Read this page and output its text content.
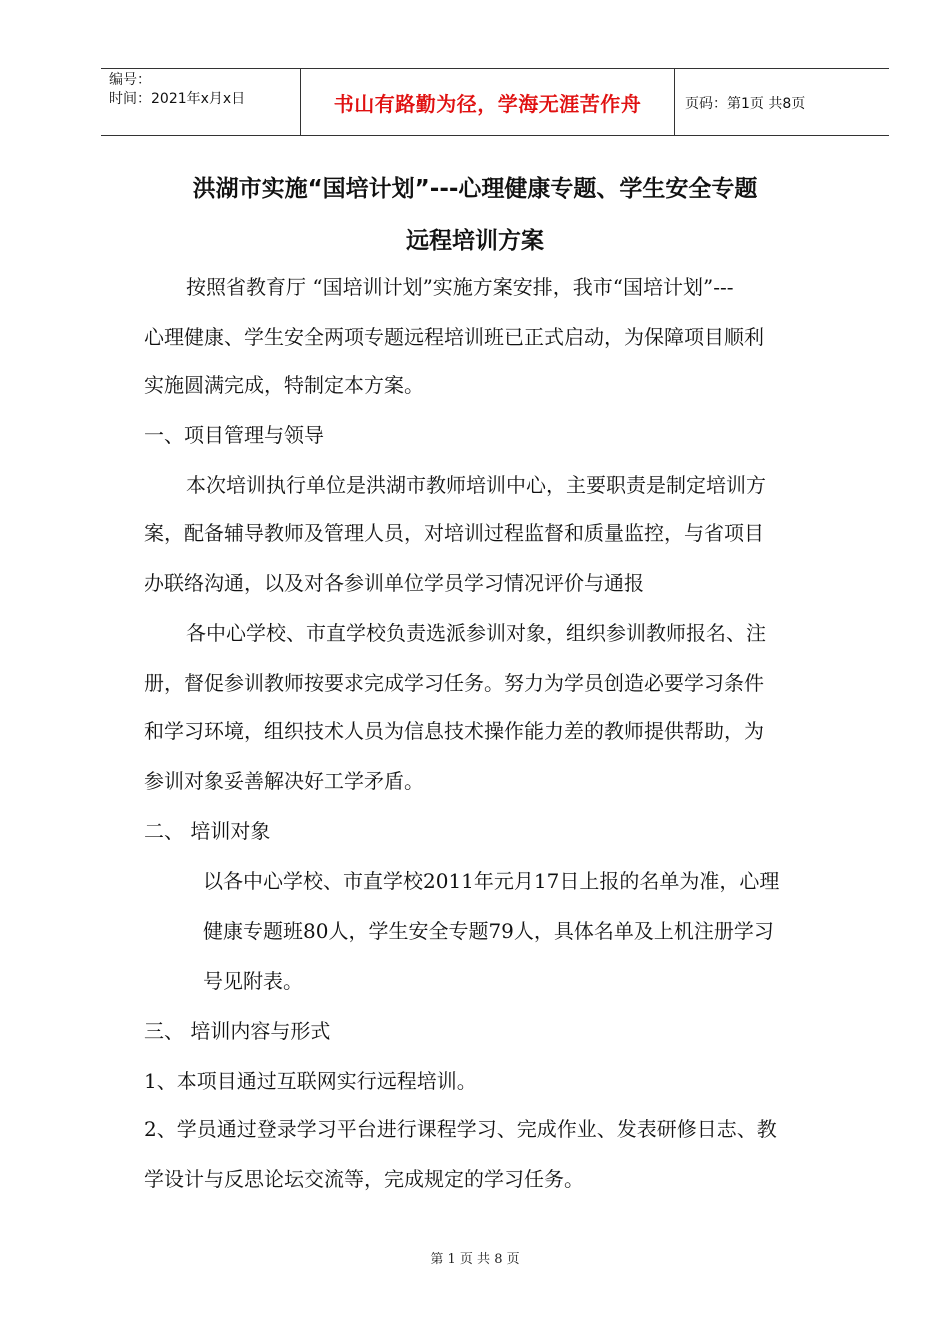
编号：
时间：2021年x月x日	书山有路勤为径，学海无涯苦作舟	页码：第1页 共8页
洪湖市实施“国培计划”---心理健康专题、学生安全专题
远程培训方案
按照省教育厅 “国培训计划”实施方案安排，我市“国培计划”---
心理健康、学生安全两项专题远程培训班已正式启动，为保障项目顺利
实施圆满完成，特制定本方案。
一、项目管理与领导
本次培训执行单位是洪湖市教师培训中心，主要职责是制定培训方
案，配备辅导教师及管理人员，对培训过程监督和质量监控，与省项目
办联络沟通，以及对各参训单位学员学习情况评价与通报
各中心学校、市直学校负责选派参训对象，组织参训教师报名、注
册，督促参训教师按要求完成学习任务。努力为学员创造必要学习条件
和学习环境，组织技术人员为信息技术操作能力差的教师提供帮助，为
参训对象妥善解决好工学矛盾。
二、 培训对象
以各中心学校、市直学校2011年元月17日上报的名单为准，心理
健康专题班80人，学生安全专题79人，具体名单及上机注册学习
号见附表。
三、 培训内容与形式
1、本项目通过互联网实行远程培训。
2、学员通过登录学习平台进行课程学习、完成作业、发表研修日志、教
学设计与反思论坛交流等，完成规定的学习任务。
第 1 页 共 8 页
